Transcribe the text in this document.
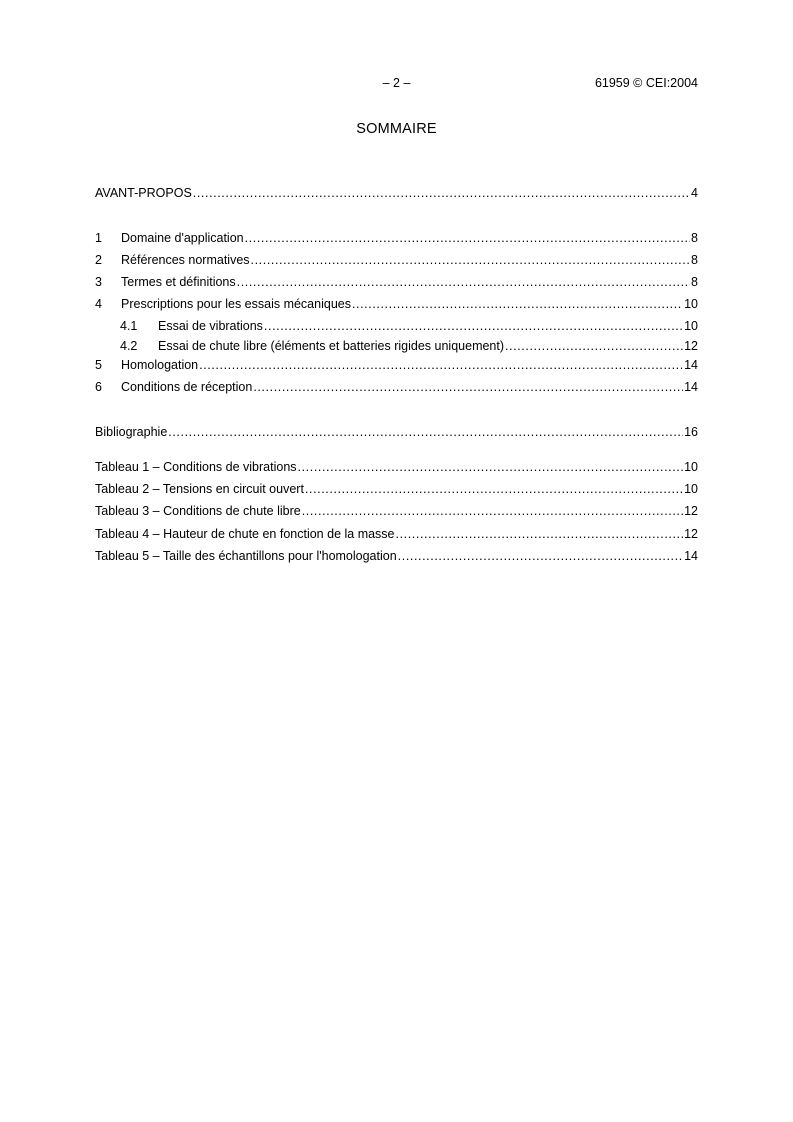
– 2 –	61959 © CEI:2004
SOMMAIRE
AVANT-PROPOS .....	4
1	Domaine d'application .....	8
2	Références normatives .....	8
3	Termes et définitions .....	8
4	Prescriptions pour les essais mécaniques .....	10
4.1	Essai de vibrations .....	10
4.2	Essai de chute libre (éléments et batteries rigides uniquement) .....	12
5	Homologation .....	14
6	Conditions de réception .....	14
Bibliographie .....	16
Tableau 1 – Conditions de vibrations .....	10
Tableau 2 – Tensions en circuit ouvert .....	10
Tableau 3 – Conditions de chute libre .....	12
Tableau 4 – Hauteur de chute en fonction de la masse .....	12
Tableau 5 – Taille des échantillons pour l'homologation .....	14
